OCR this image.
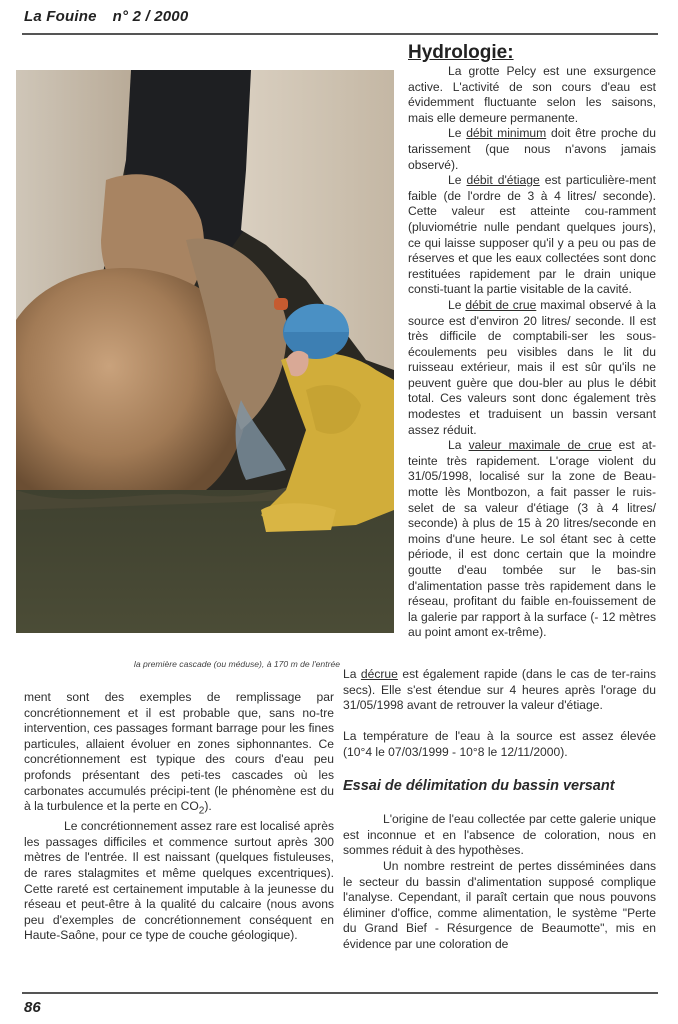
La Fouine n° 2 / 2000
la première cascade (ou méduse), à 170 m de l'entrée
Hydrologie:

La grotte Pelcy est une exsurgence active. L'activité de son cours d'eau est évidemment fluctuante selon les saisons, mais elle demeure permanente.

Le débit minimum doit être proche du tarissement (que nous n'avons jamais observé).

Le débit d'étiage est particulière-ment faible (de l'ordre de 3 à 4 litres/ seconde). Cette valeur est atteinte cou-ramment (pluviométrie nulle pendant quelques jours), ce qui laisse supposer qu'il y a peu ou pas de réserves et que les eaux collectées sont donc restituées rapidement par le drain unique consti-tuant la partie visitable de la cavité.

Le débit de crue maximal observé à la source est d'environ 20 litres/ seconde. Il est très difficile de comptabili-ser les sous-écoulements peu visibles dans le lit du ruisseau extérieur, mais il est sûr qu'ils ne peuvent guère que dou-bler au plus le débit total. Ces valeurs sont donc également très modestes et traduisent un bassin versant assez réduit.

La valeur maximale de crue est at-teinte très rapidement. L'orage violent du 31/05/1998, localisé sur la zone de Beau-motte lès Montbozon, a fait passer le ruis-selet de sa valeur d'étiage (3 à 4 litres/ seconde) à plus de 15 à 20 litres/seconde en moins d'une heure. Le sol étant sec à cette période, il est donc certain que la moindre goutte d'eau tombée sur le bas-sin d'alimentation passe très rapidement dans le réseau, profitant du faible en-fouissement de la galerie par rapport à la surface (- 12 mètres au point amont ex-trême).

La décrue est également rapide (dans le cas de ter-rains secs). Elle s'est étendue sur 4 heures après l'orage du 31/05/1998 avant de retrouver la valeur d'étiage.

La température de l'eau à la source est assez élevée (10°4 le 07/03/1999 - 10°8 le 12/11/2000).

Essai de délimitation du bassin versant

L'origine de l'eau collectée par cette galerie unique est inconnue et en l'absence de coloration, nous en sommes réduit à des hypothèses.

Un nombre restreint de pertes disséminées dans le secteur du bassin d'alimentation supposé complique l'analyse. Cependant, il paraît certain que nous pouvons éliminer d'office, comme alimentation, le système "Perte du Grand Bief - Résurgence de Beaumotte", mis en évidence par une coloration de

ment sont des exemples de remplissage par concrétionnement et il est probable que, sans no-tre intervention, ces passages formant barrage pour les fines particules, allaient évoluer en zones siphonnantes. Ce concrétionnement est typique des cours d'eau peu profonds présentant des peti-tes cascades où les carbonates accumulés précipi-tent (le phénomène est du à la turbulence et la perte en $CO_2$).

Le concrétionnement assez rare est localisé après les passages difficiles et commence surtout après 300 mètres de l'entrée. Il est naissant (quelques fistuleuses, de rares stalagmites et même quelques excentriques). Cette rareté est certainement imputable à la jeunesse du réseau et peut-être à la qualité du calcaire (nous avons peu d'exemples de concrétionnement conséquent en Haute-Saône, pour ce type de couche géologique).

86
